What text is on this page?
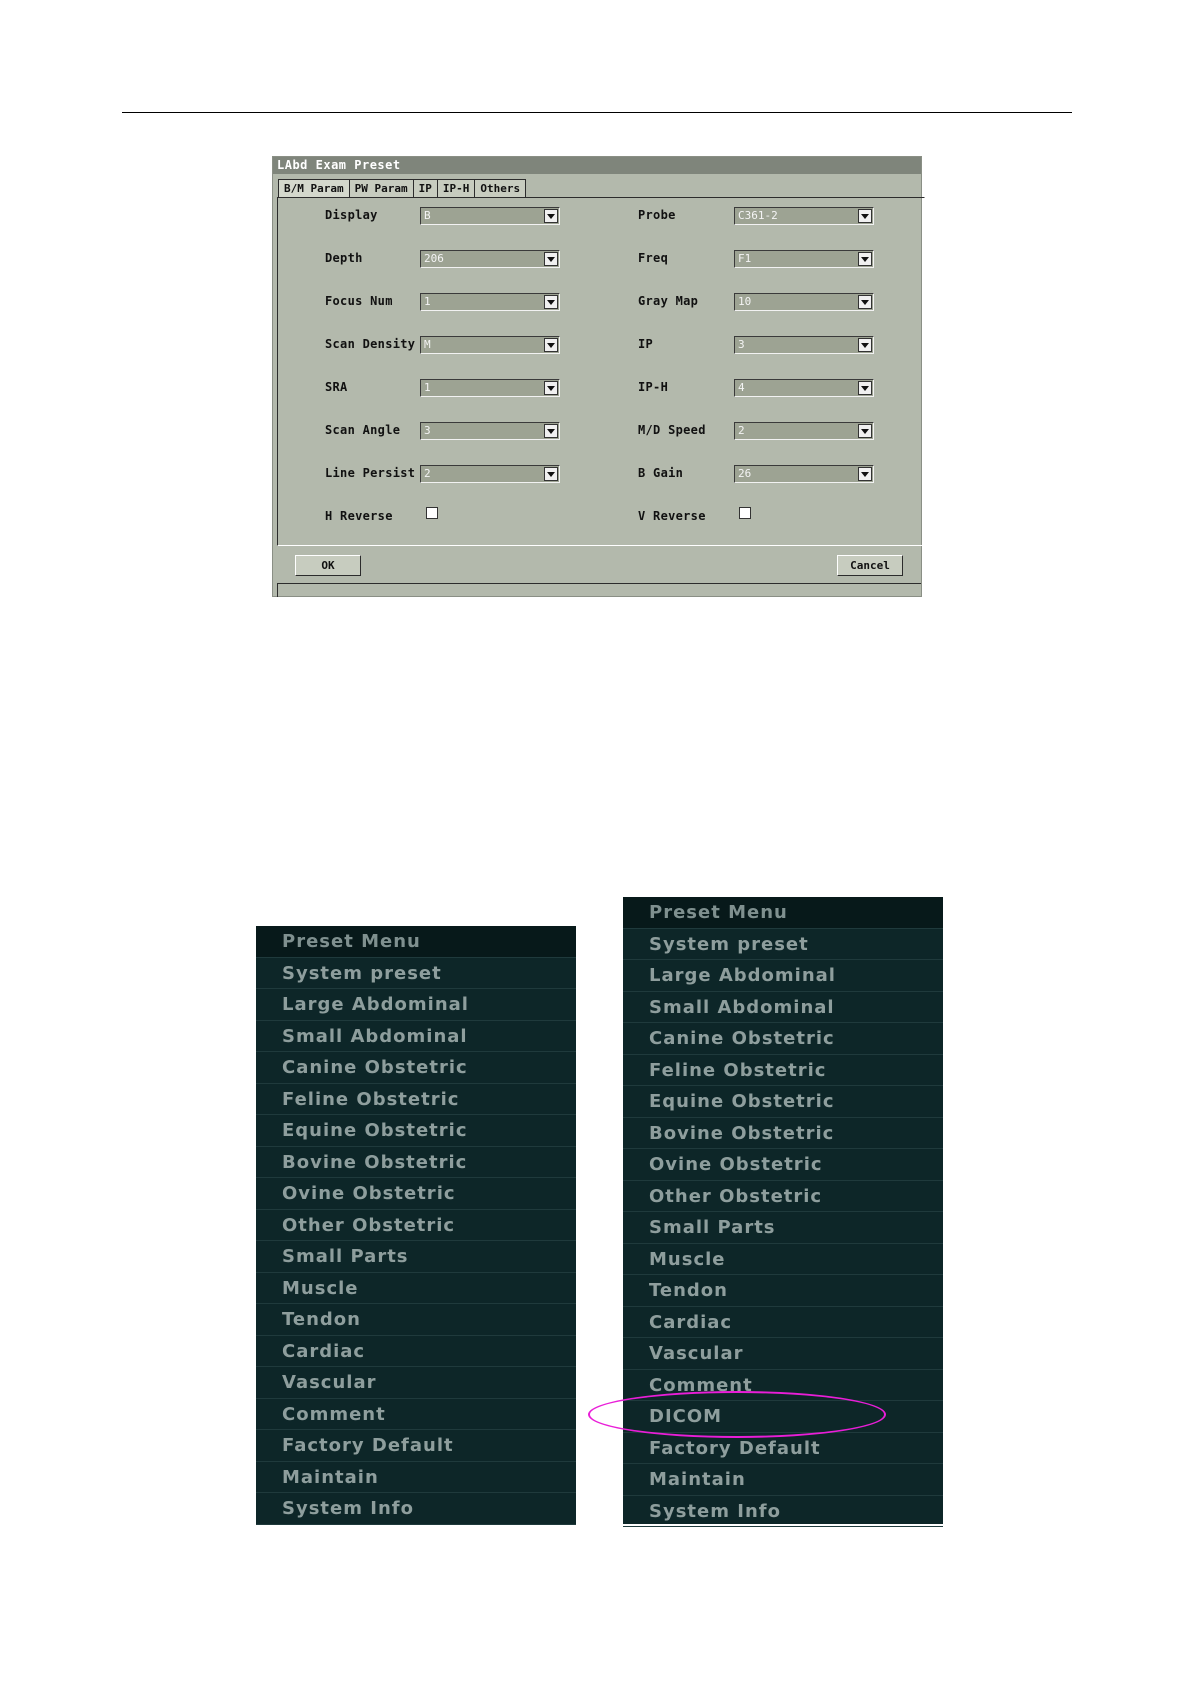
LAbd Exam Preset
B/M Param	PW Param	IP	IP-H	Others
Display	B
Depth	206
Focus Num	1
Scan Density M
SRA	1
Scan Angle 3
Line Persist 2
H Reverse
Probe	C361-2
Freq	F1
Gray Map	10
IP	3
IP-H	4
M/D Speed	2
B Gain	26
V Reverse
OK	Cancel
Preset Menu
System preset
Large Abdominal
Small Abdominal
Canine Obstetric
Feline Obstetric
Equine Obstetric
Bovine Obstetric
Ovine Obstetric
Other Obstetric
Small Parts
Muscle
Tendon
Cardiac
Vascular
Comment
Factory Default
Maintain
System Info
Preset Menu
System preset
Large Abdominal
Small Abdominal
Canine Obstetric
Feline Obstetric
Equine Obstetric
Bovine Obstetric
Ovine Obstetric
Other Obstetric
Small Parts
Muscle
Tendon
Cardiac
Vascular
Comment
DICOM
Factory Default
Maintain
System Info
